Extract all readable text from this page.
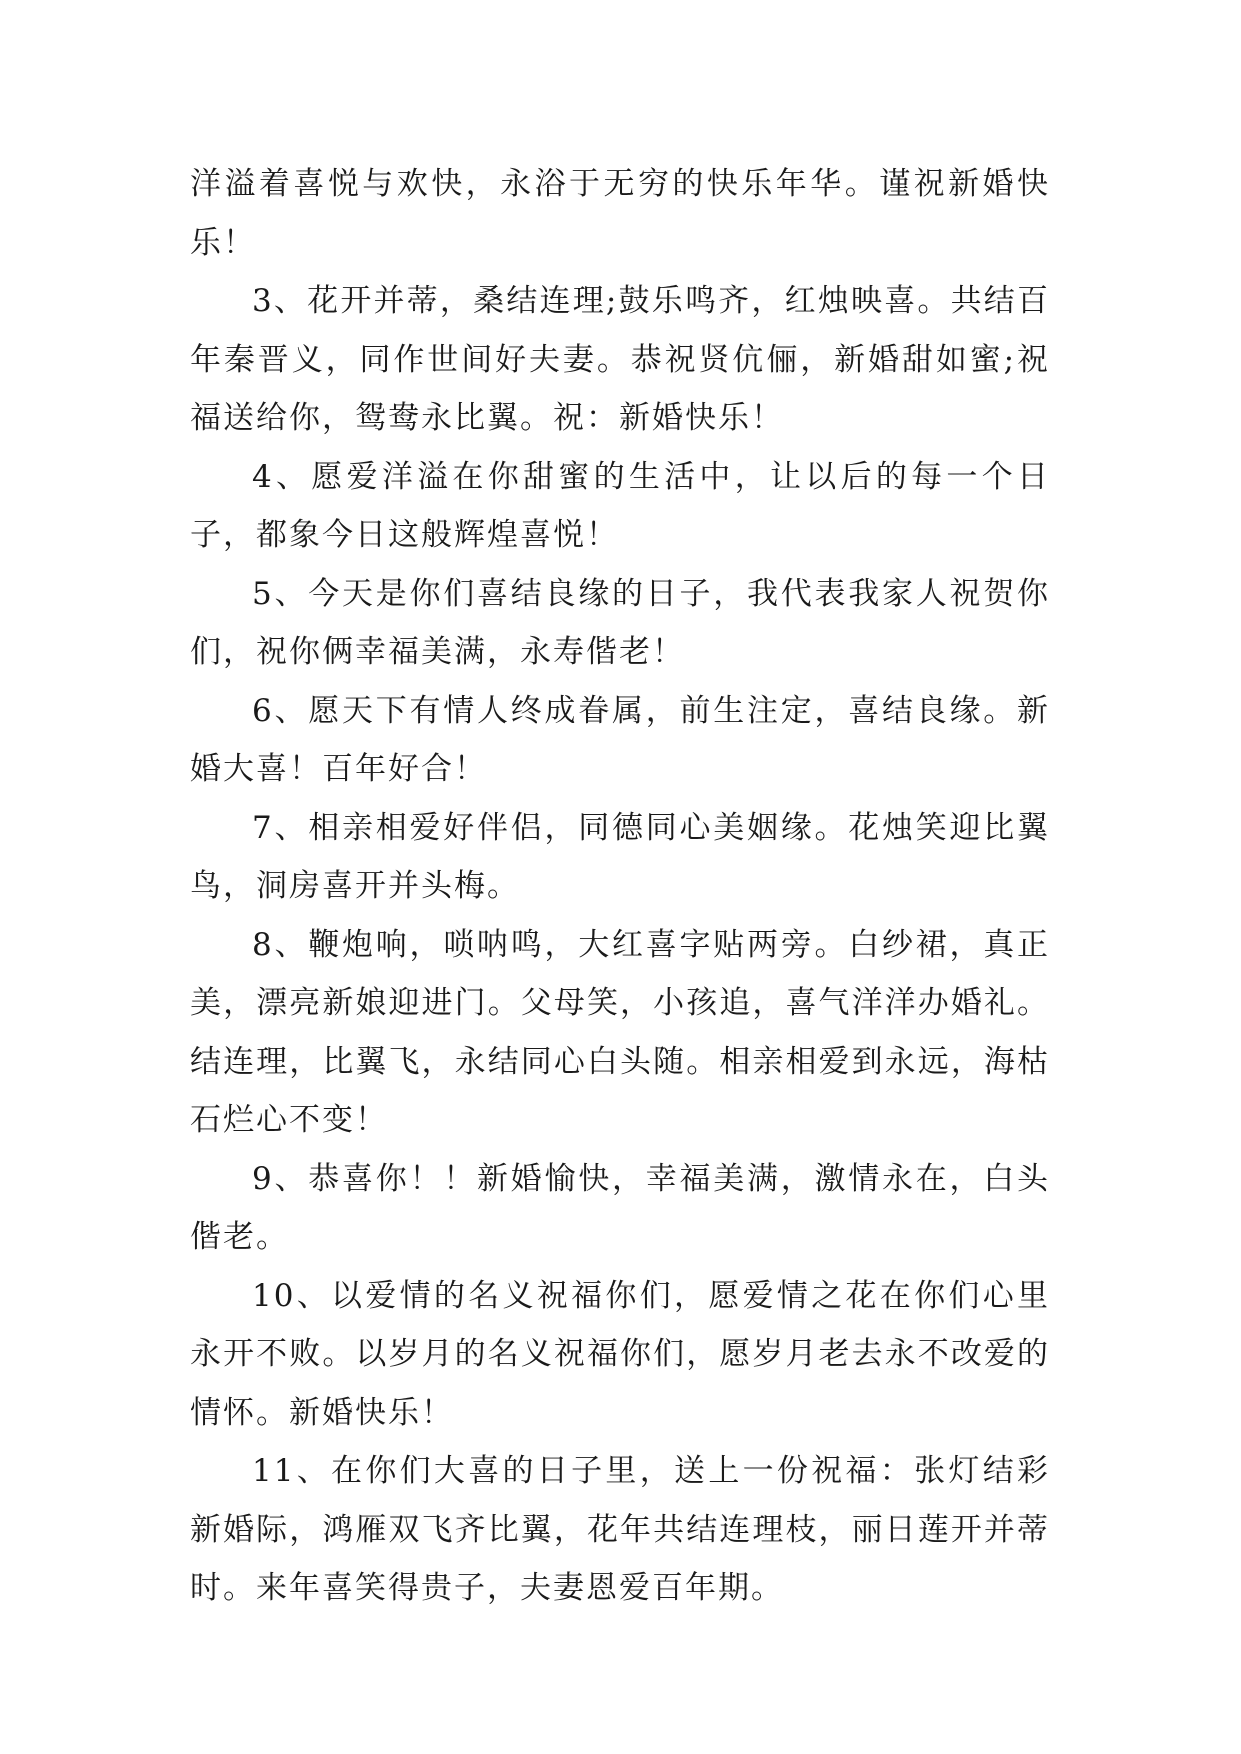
洋溢着喜悦与欢快，永浴于无穷的快乐年华。谨祝新婚快乐！

3、花开并蒂，桑结连理;鼓乐鸣齐，红烛映喜。共结百年秦晋义，同作世间好夫妻。恭祝贤伉俪，新婚甜如蜜;祝福送给你，鸳鸯永比翼。祝：新婚快乐！

4、愿爱洋溢在你甜蜜的生活中，让以后的每一个日子，都象今日这般辉煌喜悦！

5、今天是你们喜结良缘的日子，我代表我家人祝贺你们，祝你俩幸福美满，永寿偕老！

6、愿天下有情人终成眷属，前生注定，喜结良缘。新婚大喜！百年好合！

7、相亲相爱好伴侣，同德同心美姻缘。花烛笑迎比翼鸟，洞房喜开并头梅。

8、鞭炮响，唢呐鸣，大红喜字贴两旁。白纱裙，真正美，漂亮新娘迎进门。父母笑，小孩追，喜气洋洋办婚礼。结连理，比翼飞，永结同心白头随。相亲相爱到永远，海枯石烂心不变！

9、恭喜你！！新婚愉快，幸福美满，激情永在，白头偕老。

10、以爱情的名义祝福你们，愿爱情之花在你们心里永开不败。以岁月的名义祝福你们，愿岁月老去永不改爱的情怀。新婚快乐！

11、在你们大喜的日子里，送上一份祝福：张灯结彩新婚际，鸿雁双飞齐比翼，花年共结连理枝，丽日莲开并蒂时。来年喜笑得贵子，夫妻恩爱百年期。
